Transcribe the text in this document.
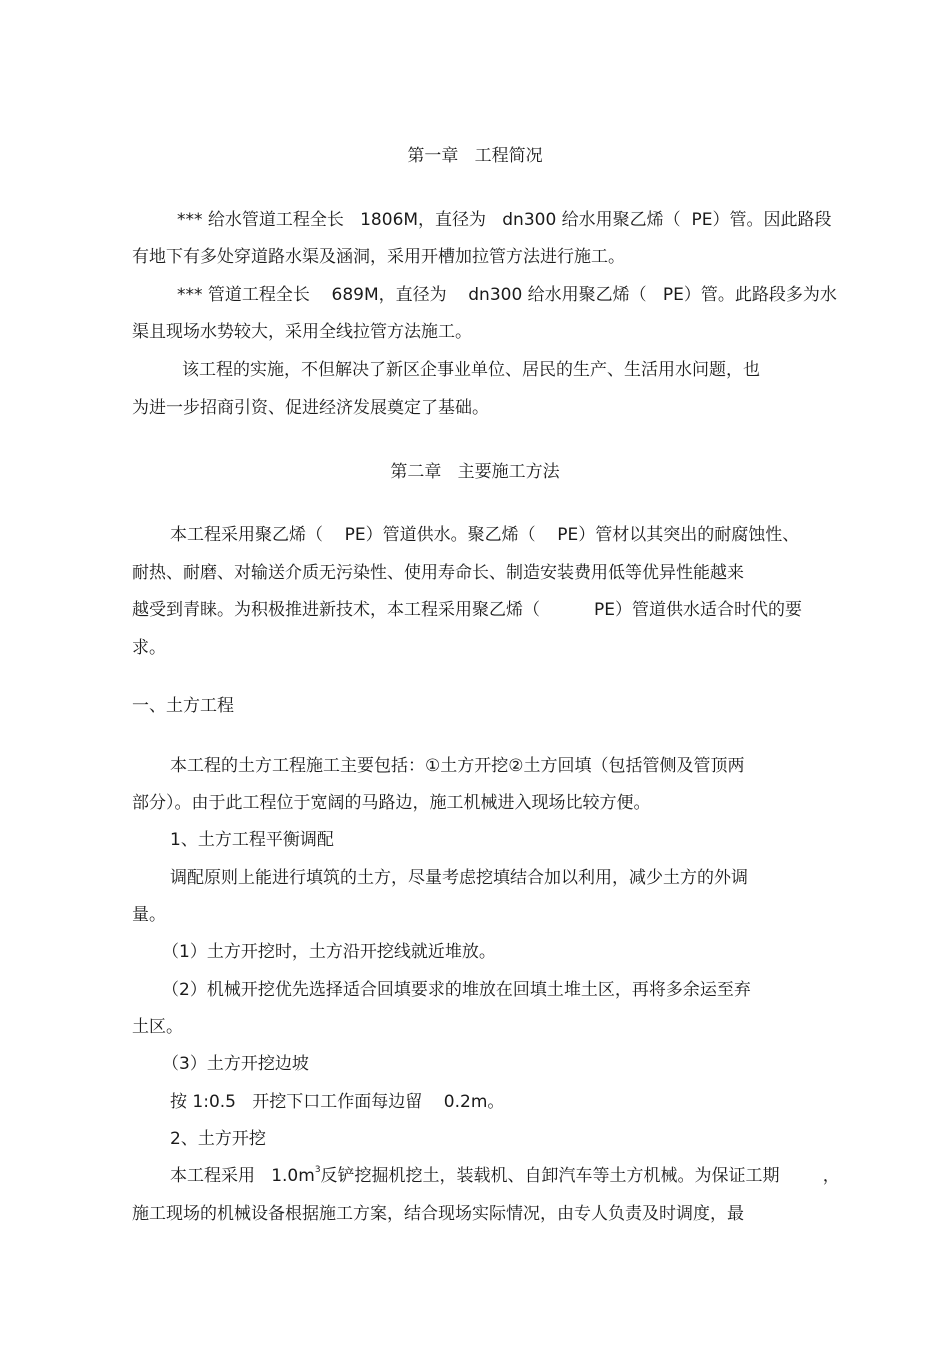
第一章   工程简况
*** 给水管道工程全长   1806M，直径为   dn300 给水用聚乙烯（  PE）管。因此路段
有地下有多处穿道路水渠及涵洞，采用开槽加拉管方法进行施工。
*** 管道工程全长    689M，直径为    dn300 给水用聚乙烯（   PE）管。此路段多为水
渠且现场水势较大，采用全线拉管方法施工。
该工程的实施，不但解决了新区企事业单位、居民的生产、生活用水问题，也
为进一步招商引资、促进经济发展奠定了基础。
第二章   主要施工方法
本工程采用聚乙烯（    PE）管道供水。聚乙烯（    PE）管材以其突出的耐腐蚀性、
耐热、耐磨、对输送介质无污染性、使用寿命长、制造安装费用低等优异性能越来
越受到青睐。为积极推进新技术，本工程采用聚乙烯（          PE）管道供水适合时代的要
求。
一、土方工程
本工程的土方工程施工主要包括：①土方开挖②土方回填（包括管侧及管顶两
部分）。由于此工程位于宽阔的马路边，施工机械进入现场比较方便。
1、土方工程平衡调配
调配原则上能进行填筑的土方，尽量考虑挖填结合加以利用，减少土方的外调
量。
（1）土方开挖时，土方沿开挖线就近堆放。
（2）机械开挖优先选择适合回填要求的堆放在回填土堆土区，再将多余运至弃
土区。
（3）土方开挖边坡
按 1:0.5   开挖下口工作面每边留    0.2m。
2、土方开挖
本工程采用   $1.0m^3$反铲挖掘机挖土，装载机、自卸汽车等土方机械。为保证工期        ，
施工现场的机械设备根据施工方案，结合现场实际情况，由专人负责及时调度，最
